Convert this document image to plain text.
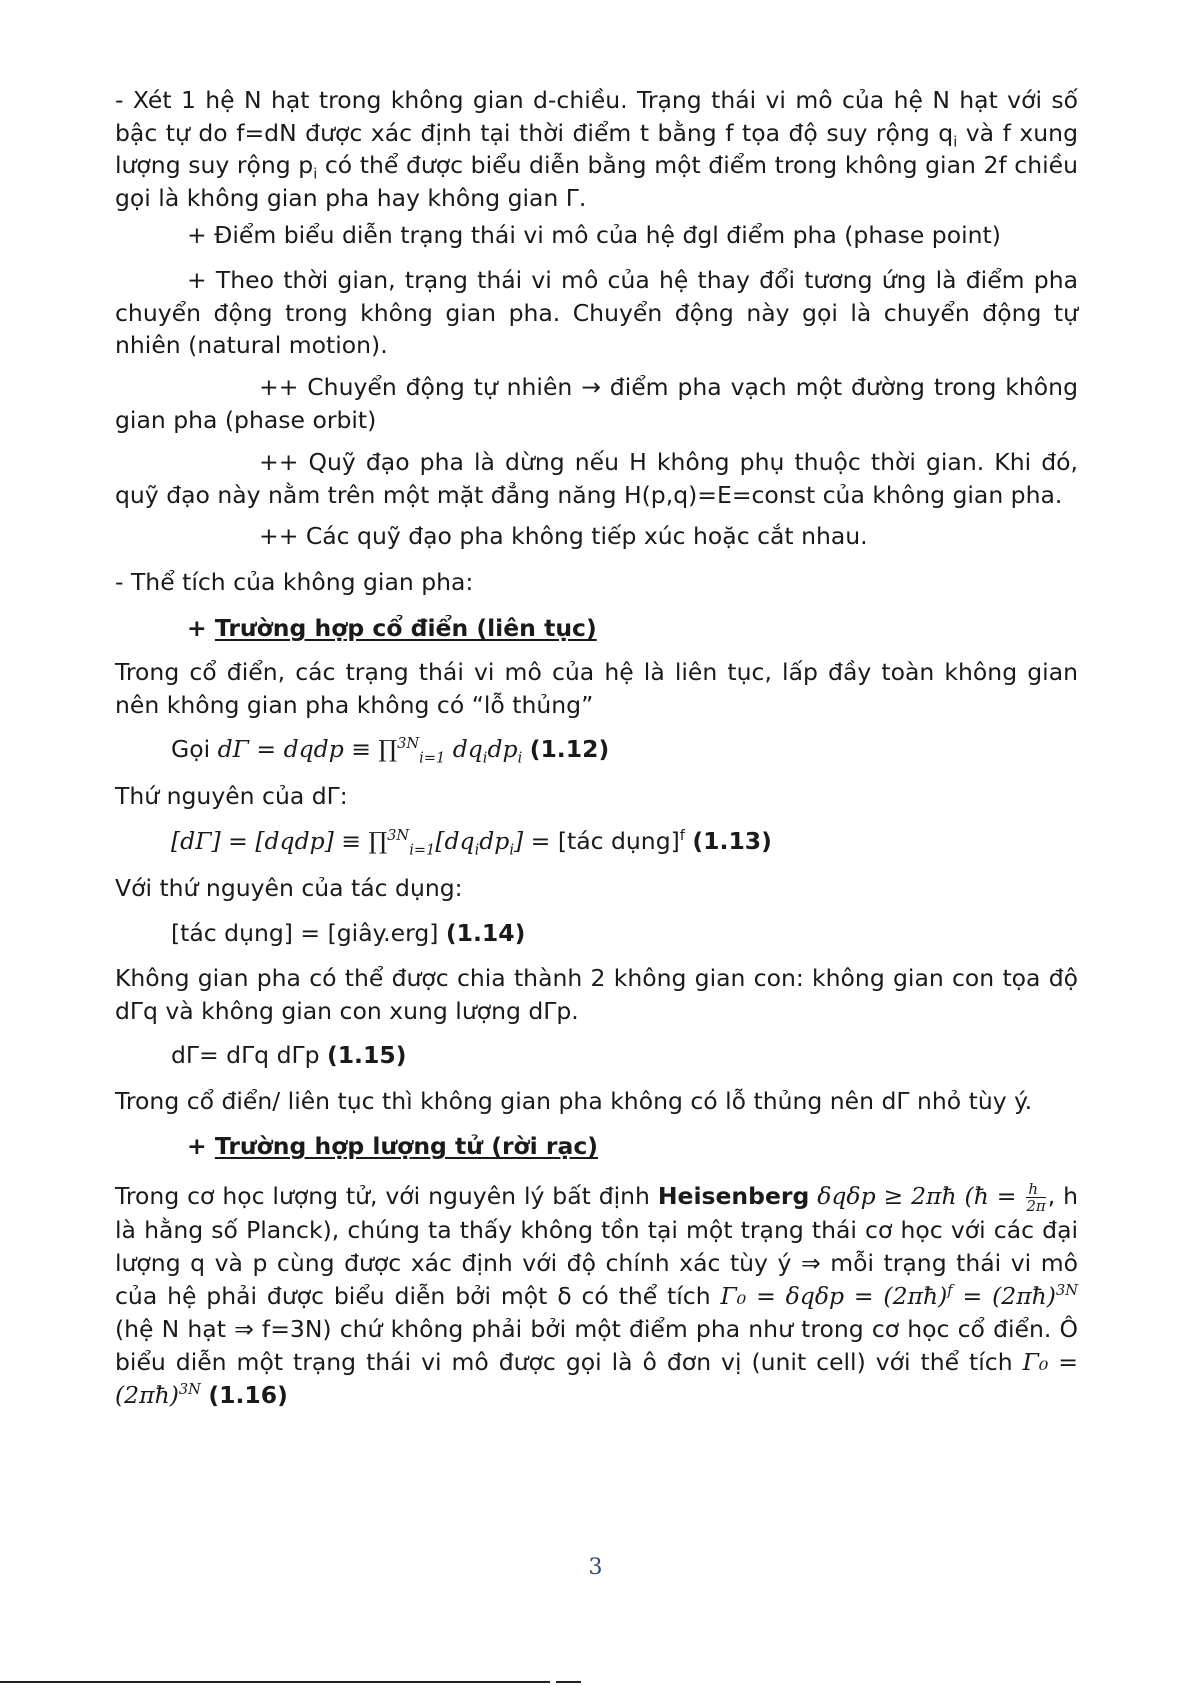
- Xét 1 hệ N hạt trong không gian d-chiều. Trạng thái vi mô của hệ N hạt với số bậc tự do f=dN được xác định tại thời điểm t bằng f tọa độ suy rộng $q_i$ và f xung lượng suy rộng $p_i$ có thể được biểu diễn bằng một điểm trong không gian 2f chiều gọi là không gian pha hay không gian Γ.

+ Điểm biểu diễn trạng thái vi mô của hệ đgl điểm pha (phase point)

+ Theo thời gian, trạng thái vi mô của hệ thay đổi tương ứng là điểm pha chuyển động trong không gian pha. Chuyển động này gọi là chuyển động tự nhiên (natural motion).

++ Chuyển động tự nhiên → điểm pha vạch một đường trong không gian pha (phase orbit)

++ Quỹ đạo pha là dừng nếu H không phụ thuộc thời gian. Khi đó, quỹ đạo này nằm trên một mặt đẳng năng H(p,q)=E=const của không gian pha.

++ Các quỹ đạo pha không tiếp xúc hoặc cắt nhau.

- Thể tích của không gian pha:

+ Trường hợp cổ điển (liên tục)

Trong cổ điển, các trạng thái vi mô của hệ là liên tục, lấp đầy toàn không gian nên không gian pha không có “lỗ thủng”

Gọi dΓ = dqdp ≡ ∏$^{3N}_{i=1}$ $dq_idp_i$ (1.12)

Thứ nguyên của dΓ:

[dΓ] = [dqdp] ≡ $\prod^{3N}_{i=1}[dq_idp_i]$ = [tác dụng]$^f$ (1.13)

Với thứ nguyên của tác dụng:

[tác dụng] = [giây.erg] (1.14)

Không gian pha có thể được chia thành 2 không gian con: không gian con tọa độ dΓq và không gian con xung lượng dΓp.

dΓ= dΓq dΓp (1.15)

Trong cổ điển/ liên tục thì không gian pha không có lỗ thủng nên dΓ nhỏ tùy ý.

+ Trường hợp lượng tử (rời rạc)

Trong cơ học lượng tử, với nguyên lý bất định Heisenberg δqδp ≥ 2πħ (ħ = $\frac{h}{2\pi}$ , h là hằng số Planck), chúng ta thấy không tồn tại một trạng thái cơ học với các đại lượng q và p cùng được xác định với độ chính xác tùy ý ⇒ mỗi trạng thái vi mô của hệ phải được biểu diễn bởi một δ có thể tích Γ₀ = δqδp = (2πħ)$^f$ = (2πħ)$^{3N}$ (hệ N hạt ⇒ f=3N) chứ không phải bởi một điểm pha như trong cơ học cổ điển. Ô biểu diễn một trạng thái vi mô được gọi là ô đơn vị (unit cell) với thể tích Γ₀ = (2πħ)$^{3N}$ (1.16)

3
